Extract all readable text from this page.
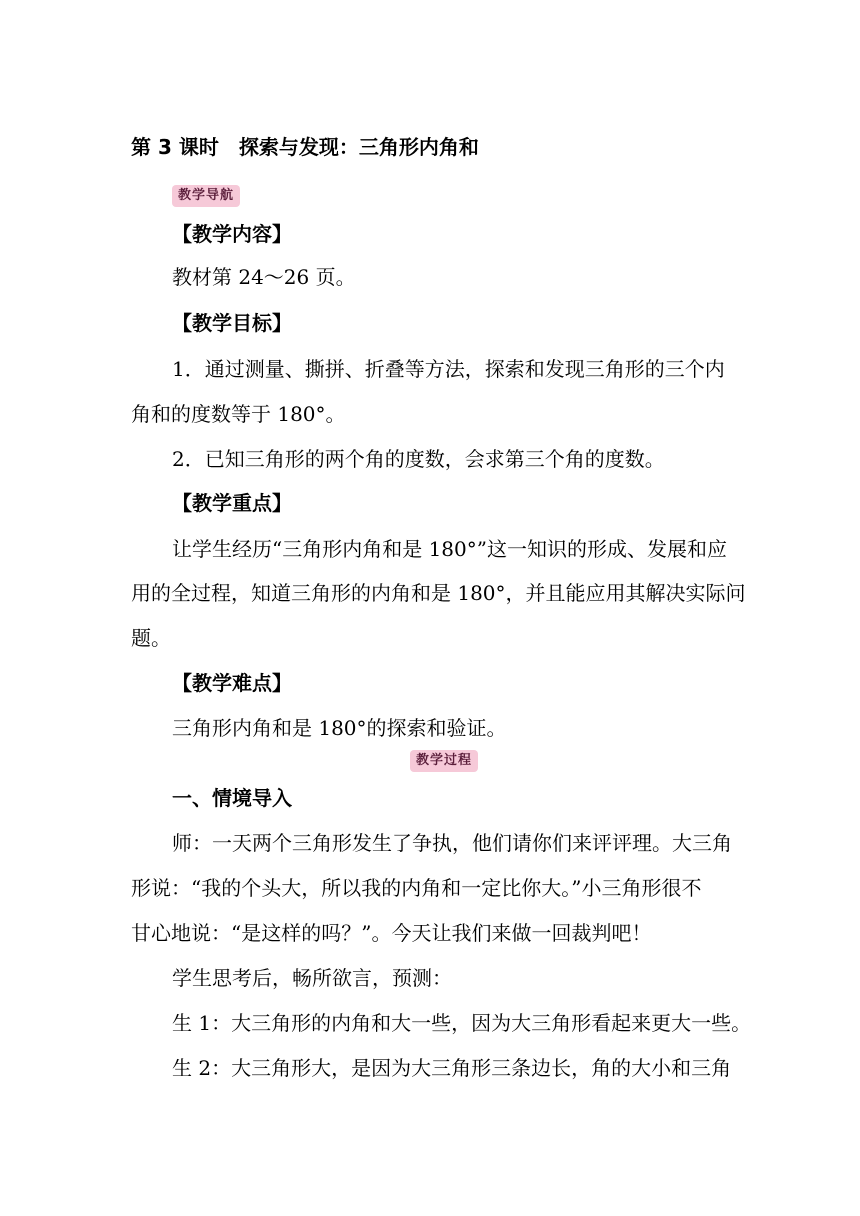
第 3 课时　探索与发现：三角形内角和
教学导航
【教学内容】
教材第 24～26 页。
【教学目标】
1．通过测量、撕拼、折叠等方法，探索和发现三角形的三个内
角和的度数等于 180°。
2．已知三角形的两个角的度数，会求第三个角的度数。
【教学重点】
让学生经历“三角形内角和是 180°”这一知识的形成、发展和应
用的全过程，知道三角形的内角和是 180°，并且能应用其解决实际问
题。
【教学难点】
三角形内角和是 180°的探索和验证。
教学过程
一、情境导入
师：一天两个三角形发生了争执，他们请你们来评评理。大三角
形说：“我的个头大，所以我的内角和一定比你大。”小三角形很不
甘心地说：“是这样的吗？”。今天让我们来做一回裁判吧！
学生思考后，畅所欲言，预测：
生 1：大三角形的内角和大一些，因为大三角形看起来更大一些。
生 2：大三角形大，是因为大三角形三条边长，角的大小和三角
